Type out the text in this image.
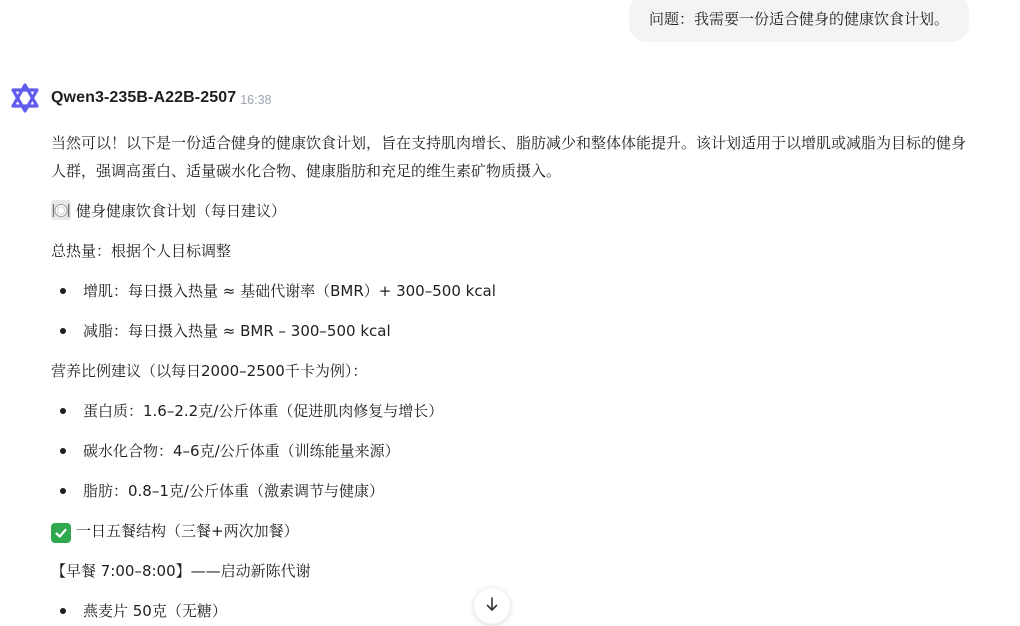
问题：我需要一份适合健身的健康饮食计划。
Qwen3-235B-A22B-2507 16:38

当然可以！以下是一份适合健身的健康饮食计划，旨在支持肌肉增长、脂肪减少和整体体能提升。该计划适用于以增肌或减脂为目标的健身人群，强调高蛋白、适量碳水化合物、健康脂肪和充足的维生素矿物质摄入。

健身健康饮食计划（每日建议）

总热量：根据个人目标调整

增肌：每日摄入热量 ≈ 基础代谢率（BMR）+ 300–500 kcal
减脂：每日摄入热量 ≈ BMR – 300–500 kcal

营养比例建议（以每日2000–2500千卡为例）：

蛋白质：1.6–2.2克/公斤体重（促进肌肉修复与增长）
碳水化合物：4–6克/公斤体重（训练能量来源）
脂肪：0.8–1克/公斤体重（激素调节与健康）

一日五餐结构（三餐+两次加餐）

【早餐 7:00–8:00】——启动新陈代谢

燕麦片 50克（无糖）
